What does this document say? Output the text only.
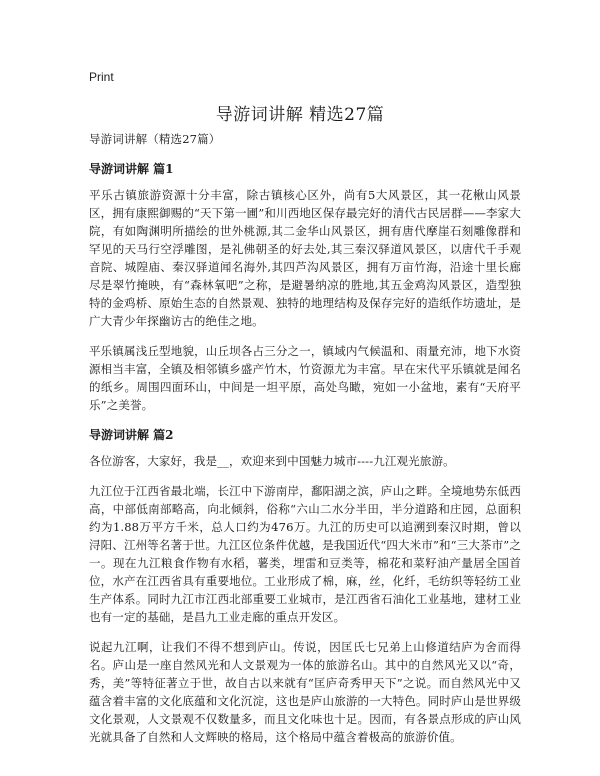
Print
导游词讲解 精选27篇

导游词讲解（精选27篇）

导游词讲解 篇1

平乐古镇旅游资源十分丰富，除古镇核心区外，尚有5大风景区，其一花楸山风景区，拥有康熙御赐的“天下第一圃”和川西地区保存最完好的清代古民居群——李家大院，有如陶渊明所描绘的世外桃源,其二金华山风景区，拥有唐代摩崖石刻雕像群和罕见的天马行空浮雕图，是礼佛朝圣的好去处,其三秦汉驿道风景区，以唐代千手观音院、城隍庙、秦汉驿道闻名海外,其四芦沟风景区，拥有万亩竹海，沿途十里长廊尽是翠竹掩映，有“森林氧吧”之称，是避暑纳凉的胜地,其五金鸡沟风景区，造型独特的金鸡桥、原始生态的自然景观、独特的地理结构及保存完好的造纸作坊遗址，是广大青少年探幽访古的绝佳之地。

平乐镇属浅丘型地貌，山丘坝各占三分之一，镇域内气候温和、雨量充沛，地下水资源相当丰富，全镇及相邻镇乡盛产竹木，竹资源尤为丰富。早在宋代平乐镇就是闻名的纸乡。周围四面环山，中间是一坦平原，高处鸟瞰，宛如一小盆地，素有“天府平乐”之美誉。

导游词讲解 篇2

各位游客，大家好，我是__，欢迎来到中国魅力城市----九江观光旅游。

九江位于江西省最北端，长江中下游南岸，鄱阳湖之滨，庐山之畔。全境地势东低西高，中部低南部略高，向北倾斜，俗称“六山二水分半田，半分道路和庄园，总面积约为1.88万平方千米，总人口约为476万。九江的历史可以追溯到秦汉时期，曾以浔阳、江州等名著于世。九江区位条件优越，是我国近代“四大米市”和“三大茶市”之一。现在九江粮食作物有水稻，薯类，埋雷和豆类等，棉花和菜籽油产量居全国首位，水产在江西省具有重要地位。工业形成了棉，麻，丝，化纤，毛纺织等轻纺工业生产体系。同时九江市江西北部重要工业城市，是江西省石油化工业基地，建材工业也有一定的基础，是昌九工业走廊的重点开发区。

说起九江啊，让我们不得不想到庐山。传说，因匡氏七兄弟上山修道结庐为舍而得名。庐山是一座自然风光和人文景观为一体的旅游名山。其中的自然风光又以“奇，秀，美”等特征著立于世，故自古以来就有“匡庐奇秀甲天下”之说。而自然风光中又蕴含着丰富的文化底蕴和文化沉淀，这也是庐山旅游的一大特色。同时庐山是世界级文化景观，人文景观不仅数量多，而且文化味也十足。因而，有各景点形成的庐山风光就具备了自然和人文辉映的格局，这个格局中蕴含着极高的旅游价值。
